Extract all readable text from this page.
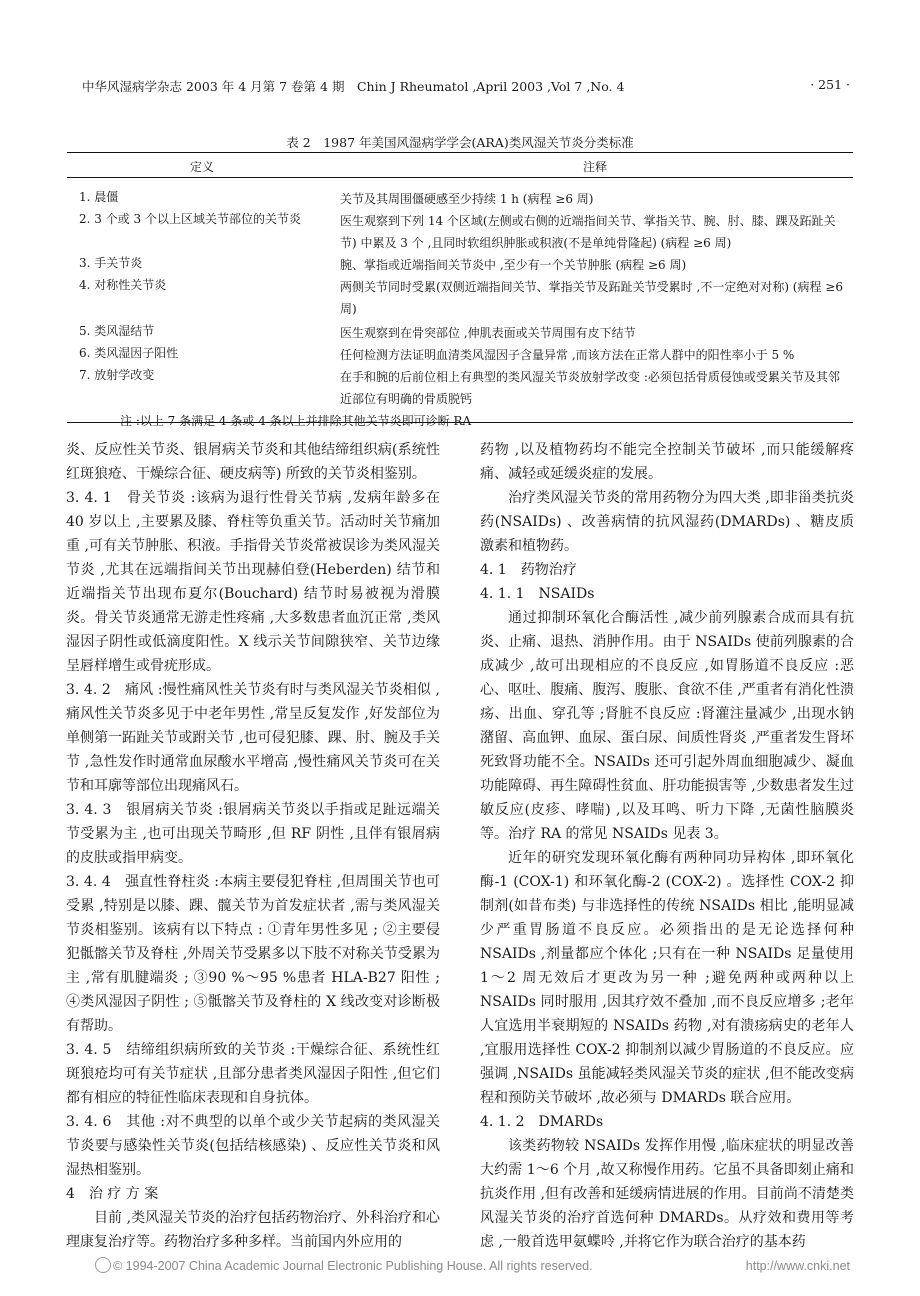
中华风湿病学杂志 2003 年 4 月第 7 卷第 4 期　Chin J Rheumatol ,April 2003 ,Vol 7 ,No. 4	· 251 ·
表 2　1987 年美国风湿病学学会(ARA)类风湿关节炎分类标准
定义	注释
1. 晨僵	关节及其周围僵硬感至少持续 1 h (病程 ≥6 周)
2. 3 个或 3 个以上区域关节部位的关节炎	医生观察到下列 14 个区域(左侧或右侧的近端指间关节、掌指关节、腕、肘、膝、踝及跖趾关节) 中累及 3 个 ,且同时软组织肿胀或积液(不是单纯骨隆起) (病程 ≥6 周)
3. 手关节炎	腕、掌指或近端指间关节炎中 ,至少有一个关节肿胀 (病程 ≥6 周)
4. 对称性关节炎	两侧关节同时受累(双侧近端指间关节、掌指关节及跖趾关节受累时 ,不一定绝对对称) (病程 ≥6 周)
5. 类风湿结节	医生观察到在骨突部位 ,伸肌表面或关节周围有皮下结节
6. 类风湿因子阳性	任何检测方法证明血清类风湿因子含量异常 ,而该方法在正常人群中的阳性率小于 5 %
7. 放射学改变	在手和腕的后前位相上有典型的类风湿关节炎放射学改变 :必须包括骨质侵蚀或受累关节及其邻近部位有明确的骨质脱钙
注 :以上 7 条满足 4 条或 4 条以上并排除其他关节炎即可诊断 RA

炎、反应性关节炎、银屑病关节炎和其他结缔组织病(系统性红斑狼疮、干燥综合征、硬皮病等) 所致的关节炎相鉴别。

3. 4. 1　骨关节炎 :该病为退行性骨关节病 ,发病年龄多在 40 岁以上 ,主要累及膝、脊柱等负重关节。活动时关节痛加重 ,可有关节肿胀、积液。手指骨关节炎常被误诊为类风湿关节炎 ,尤其在远端指间关节出现赫伯登(Heberden) 结节和近端指关节出现布夏尔(Bouchard) 结节时易被视为滑膜炎。骨关节炎通常无游走性疼痛 ,大多数患者血沉正常 ,类风湿因子阴性或低滴度阳性。X 线示关节间隙狭窄、关节边缘呈唇样增生或骨疣形成。

3. 4. 2　痛风 :慢性痛风性关节炎有时与类风湿关节炎相似 ,痛风性关节炎多见于中老年男性 ,常呈反复发作 ,好发部位为单侧第一跖趾关节或跗关节 ,也可侵犯膝、踝、肘、腕及手关节 ,急性发作时通常血尿酸水平增高 ,慢性痛风关节炎可在关节和耳廓等部位出现痛风石。

3. 4. 3　银屑病关节炎 :银屑病关节炎以手指或足趾远端关节受累为主 ,也可出现关节畸形 ,但 RF 阴性 ,且伴有银屑病的皮肤或指甲病变。

3. 4. 4　强直性脊柱炎 :本病主要侵犯脊柱 ,但周围关节也可受累 ,特别是以膝、踝、髋关节为首发症状者 ,需与类风湿关节炎相鉴别。该病有以下特点 : ①青年男性多见 ; ②主要侵犯骶髂关节及脊柱 ,外周关节受累多以下肢不对称关节受累为主 ,常有肌腱端炎 ; ③90 %～95 %患者 HLA-B27 阳性 ; ④类风湿因子阴性 ; ⑤骶髂关节及脊柱的 X 线改变对诊断极有帮助。

3. 4. 5　结缔组织病所致的关节炎 :干燥综合征、系统性红斑狼疮均可有关节症状 ,且部分患者类风湿因子阳性 ,但它们都有相应的特征性临床表现和自身抗体。

3. 4. 6　其他 :对不典型的以单个或少关节起病的类风湿关节炎要与感染性关节炎(包括结核感染) 、反应性关节炎和风湿热相鉴别。

4　治 疗 方 案

目前 ,类风湿关节炎的治疗包括药物治疗、外科治疗和心理康复治疗等。药物治疗多种多样。当前国内外应用的

药物 ,以及植物药均不能完全控制关节破坏 ,而只能缓解疼痛、减轻或延缓炎症的发展。

治疗类风湿关节炎的常用药物分为四大类 ,即非甾类抗炎药(NSAIDs) 、改善病情的抗风湿药(DMARDs) 、糖皮质激素和植物药。

4. 1　药物治疗

4. 1. 1　NSAIDs

通过抑制环氧化合酶活性 ,减少前列腺素合成而具有抗炎、止痛、退热、消肿作用。由于 NSAIDs 使前列腺素的合成减少 ,故可出现相应的不良反应 ,如胃肠道不良反应 :恶心、呕吐、腹痛、腹泻、腹胀、食欲不佳 ,严重者有消化性溃疡、出血、穿孔等 ;肾脏不良反应 :肾灌注量减少 ,出现水钠潴留、高血钾、血尿、蛋白尿、间质性肾炎 ,严重者发生肾坏死致肾功能不全。NSAIDs 还可引起外周血细胞减少、凝血功能障碍、再生障碍性贫血、肝功能损害等 ,少数患者发生过敏反应(皮疹、哮喘) ,以及耳鸣、听力下降 ,无菌性脑膜炎等。治疗 RA 的常见 NSAIDs 见表 3。

近年的研究发现环氧化酶有两种同功异构体 ,即环氧化酶-1 (COX-1) 和环氧化酶-2 (COX-2) 。选择性 COX-2 抑制剂(如昔布类) 与非选择性的传统 NSAIDs 相比 ,能明显减少严重胃肠道不良反应。必须指出的是无论选择何种 NSAIDs ,剂量都应个体化 ;只有在一种 NSAIDs 足量使用 1～2 周无效后才更改为另一种 ;避免两种或两种以上 NSAIDs 同时服用 ,因其疗效不叠加 ,而不良反应增多 ;老年人宜选用半衰期短的 NSAIDs 药物 ,对有溃疡病史的老年人 ,宜服用选择性 COX-2 抑制剂以减少胃肠道的不良反应。应强调 ,NSAIDs 虽能减轻类风湿关节炎的症状 ,但不能改变病程和预防关节破坏 ,故必须与 DMARDs 联合应用。

4. 1. 2　DMARDs

该类药物较 NSAIDs 发挥作用慢 ,临床症状的明显改善大约需 1～6 个月 ,故又称慢作用药。它虽不具备即刻止痛和抗炎作用 ,但有改善和延缓病情进展的作用。目前尚不清楚类风湿关节炎的治疗首选何种 DMARDs。从疗效和费用等考虑 ,一般首选甲氨蝶呤 ,并将它作为联合治疗的基本药

© 1994-2007 China Academic Journal Electronic Publishing House. All rights reserved.	http://www.cnki.net
